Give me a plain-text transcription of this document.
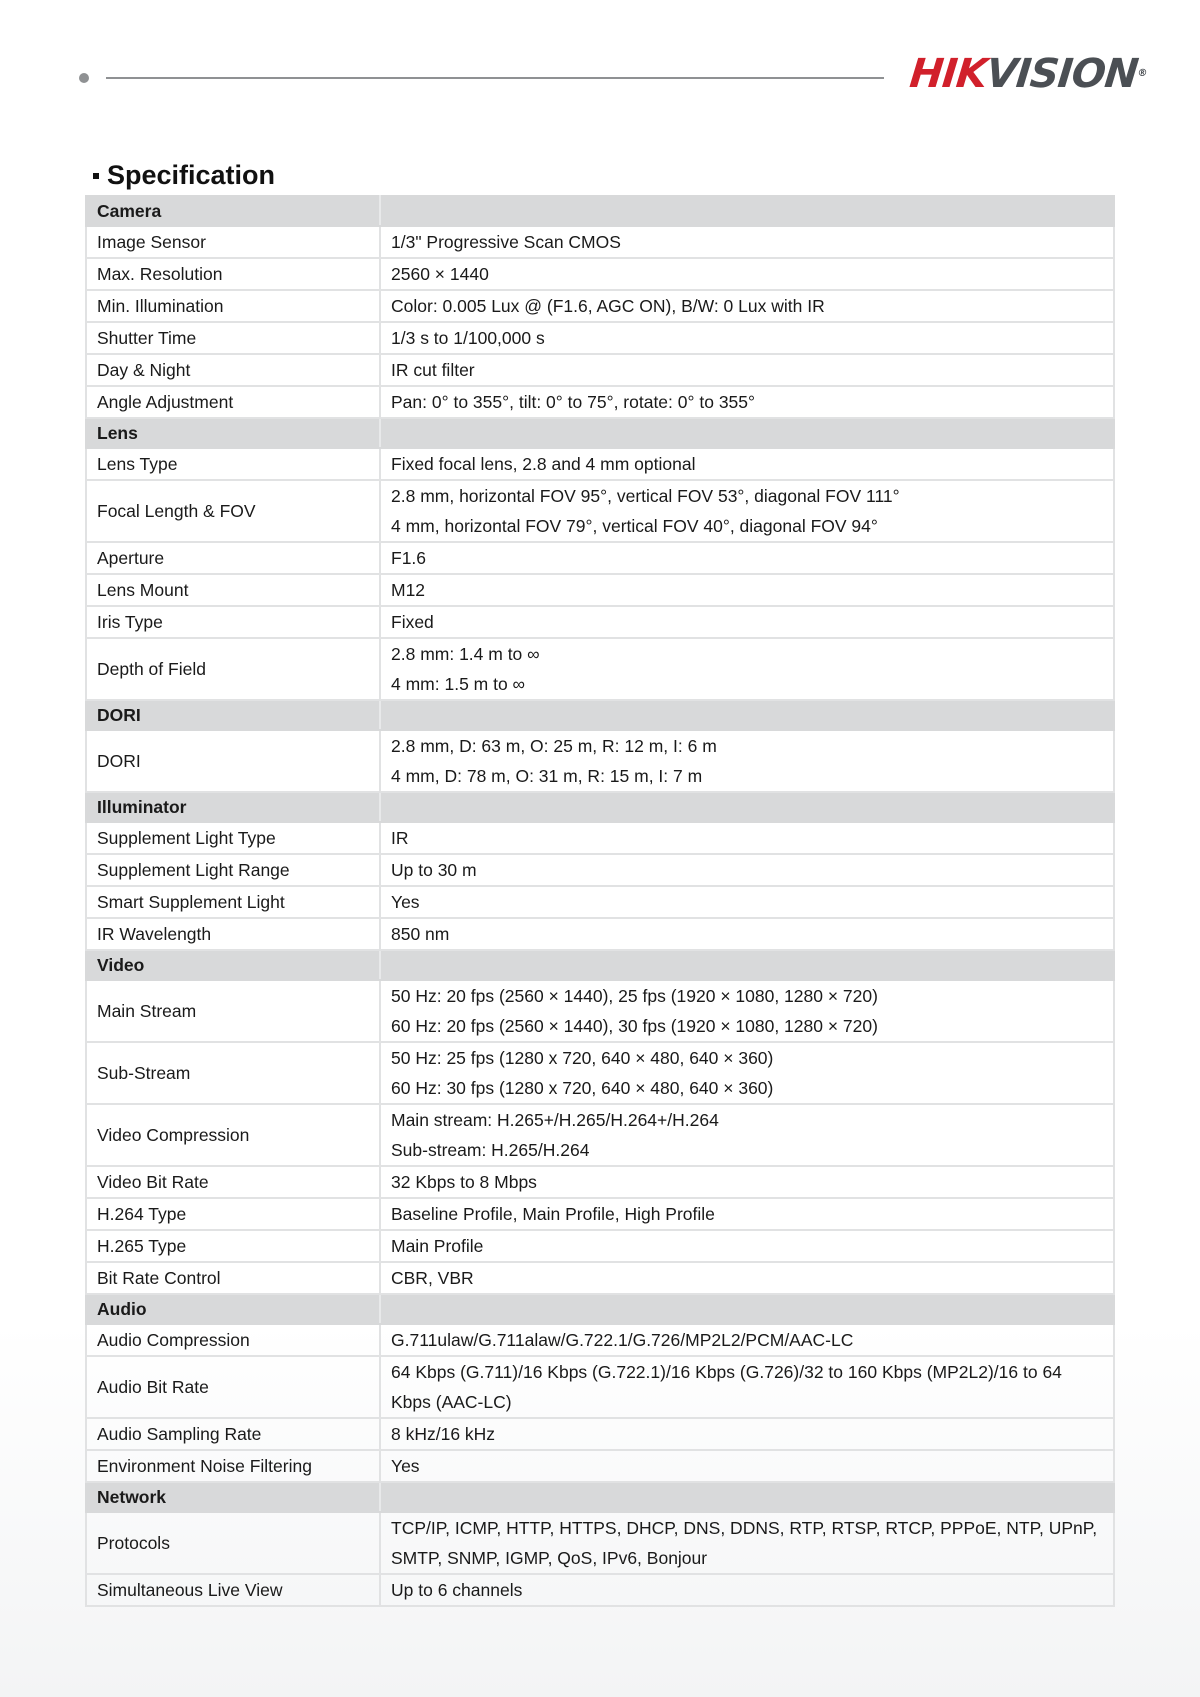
HIKVISION®
Specification
Camera	
Image Sensor	1/3" Progressive Scan CMOS

Max. Resolution	2560 × 1440

Min. Illumination	Color: 0.005 Lux @ (F1.6, AGC ON), B/W: 0 Lux with IR

Shutter Time	1/3 s to 1/100,000 s

Day & Night	IR cut filter

Angle Adjustment	Pan: 0° to 355°, tilt: 0° to 75°, rotate: 0° to 355°

Lens	
Lens Type	Fixed focal lens, 2.8 and 4 mm optional

Focal Length & FOV	2.8 mm, horizontal FOV 95°, vertical FOV 53°, diagonal FOV 111°
4 mm, horizontal FOV 79°, vertical FOV 40°, diagonal FOV 94°

Aperture	F1.6

Lens Mount	M12

Iris Type	Fixed

Depth of Field	2.8 mm: 1.4 m to ∞
4 mm: 1.5 m to ∞

DORI	
DORI	2.8 mm, D: 63 m, O: 25 m, R: 12 m, I: 6 m
4 mm, D: 78 m, O: 31 m, R: 15 m, I: 7 m

Illuminator	
Supplement Light Type	IR

Supplement Light Range	Up to 30 m

Smart Supplement Light	Yes

IR Wavelength	850 nm

Video	
Main Stream	50 Hz: 20 fps (2560 × 1440), 25 fps (1920 × 1080, 1280 × 720)
60 Hz: 20 fps (2560 × 1440), 30 fps (1920 × 1080, 1280 × 720)

Sub-Stream	50 Hz: 25 fps (1280 x 720, 640 × 480, 640 × 360)
60 Hz: 30 fps (1280 x 720, 640 × 480, 640 × 360)

Video Compression	Main stream: H.265+/H.265/H.264+/H.264
Sub-stream: H.265/H.264

Video Bit Rate	32 Kbps to 8 Mbps

H.264 Type	Baseline Profile, Main Profile, High Profile

H.265 Type	Main Profile

Bit Rate Control	CBR, VBR

Audio	
Audio Compression	G.711ulaw/G.711alaw/G.722.1/G.726/MP2L2/PCM/AAC-LC

Audio Bit Rate	64 Kbps (G.711)/16 Kbps (G.722.1)/16 Kbps (G.726)/32 to 160 Kbps (MP2L2)/16 to 64
Kbps (AAC-LC)

Audio Sampling Rate	8 kHz/16 kHz

Environment Noise Filtering	Yes

Network	
Protocols	TCP/IP, ICMP, HTTP, HTTPS, DHCP, DNS, DDNS, RTP, RTSP, RTCP, PPPoE, NTP, UPnP,
SMTP, SNMP, IGMP, QoS, IPv6, Bonjour

Simultaneous Live View	Up to 6 channels
